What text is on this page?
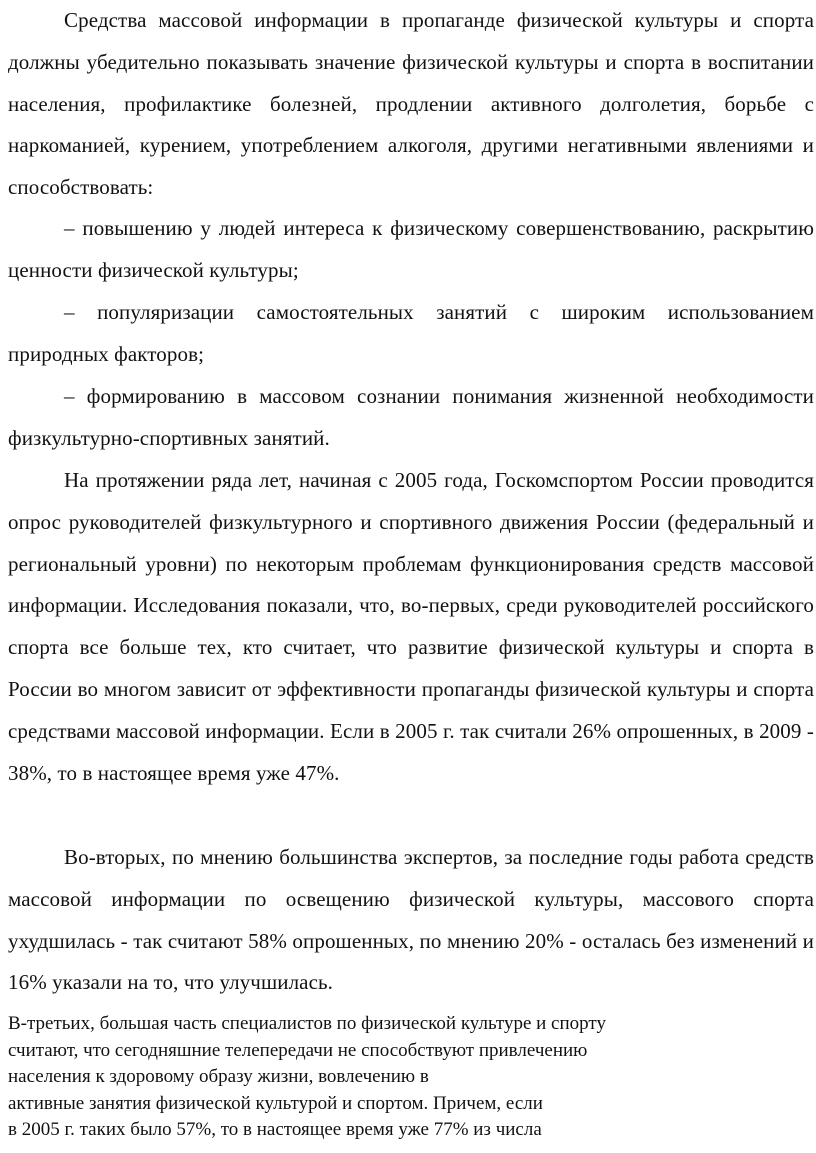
Средства массовой информации в пропаганде физической культуры и спорта должны убедительно показывать значение физической культуры и спорта в воспитании населения, профилактике болезней, продлении активного долголетия, борьбе с наркоманией, курением, употреблением алкоголя, другими негативными явлениями и способствовать:

– повышению у людей интереса к физическому совершенствованию, раскрытию ценности физической культуры;

– популяризации самостоятельных занятий с широким использованием природных факторов;

– формированию в массовом сознании понимания жизненной необходимости физкультурно-спортивных занятий.

На протяжении ряда лет, начиная с 2005 года, Госкомспортом России проводится опрос руководителей физкультурного и спортивного движения России (федеральный и региональный уровни) по некоторым проблемам функционирования средств массовой информации. Исследования показали, что, во-первых, среди руководителей российского спорта все больше тех, кто считает, что развитие физической культуры и спорта в России во многом зависит от эффективности пропаганды физической культуры и спорта средствами массовой информации. Если в 2005 г. так считали 26% опрошенных, в 2009 - 38%, то в настоящее время уже 47%.

Во-вторых, по мнению большинства экспертов, за последние годы работа средств массовой информации по освещению физической культуры, массового спорта ухудшилась - так считают 58% опрошенных, по мнению 20% - осталась без изменений и 16% указали на то, что улучшилась.

В-третьих, большая часть специалистов по физической культуре и спорту
считают, что сегодняшние телепередачи не способствуют привлечению
населения к здоровому образу жизни, вовлечению в
активные занятия физической культурой и спортом. Причем, если
в 2005 г. таких было 57%, то в настоящее время уже 77% из числа
